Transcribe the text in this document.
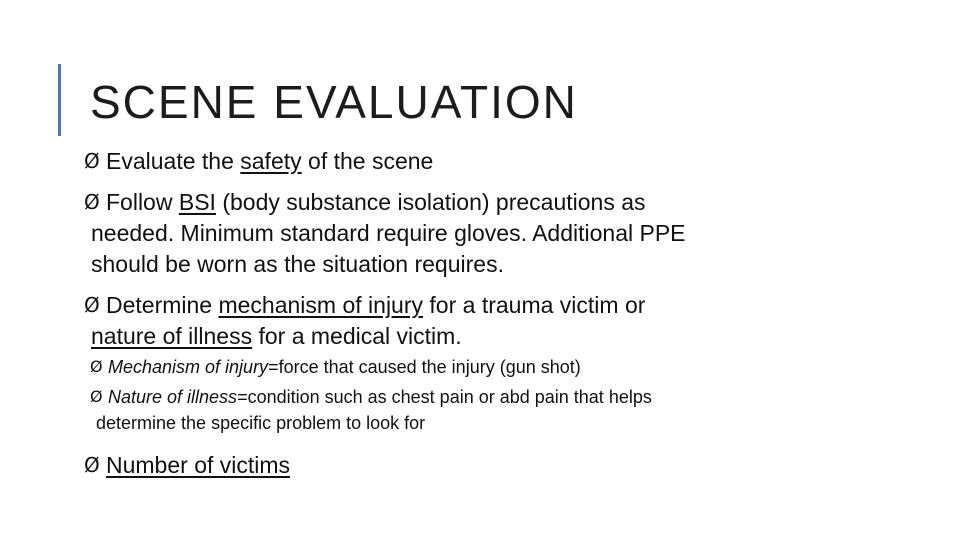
SCENE EVALUATION
Ø Evaluate the safety of the scene
Ø Follow BSI (body substance isolation) precautions as
needed. Minimum standard require gloves. Additional PPE
should be worn as the situation requires.
Ø Determine mechanism of injury for a trauma victim or
nature of illness for a medical victim.
Ø Mechanism of injury=force that caused the injury (gun shot)
Ø Nature of illness=condition such as chest pain or abd pain that helps
determine the specific problem to look for
Ø Number of victims
